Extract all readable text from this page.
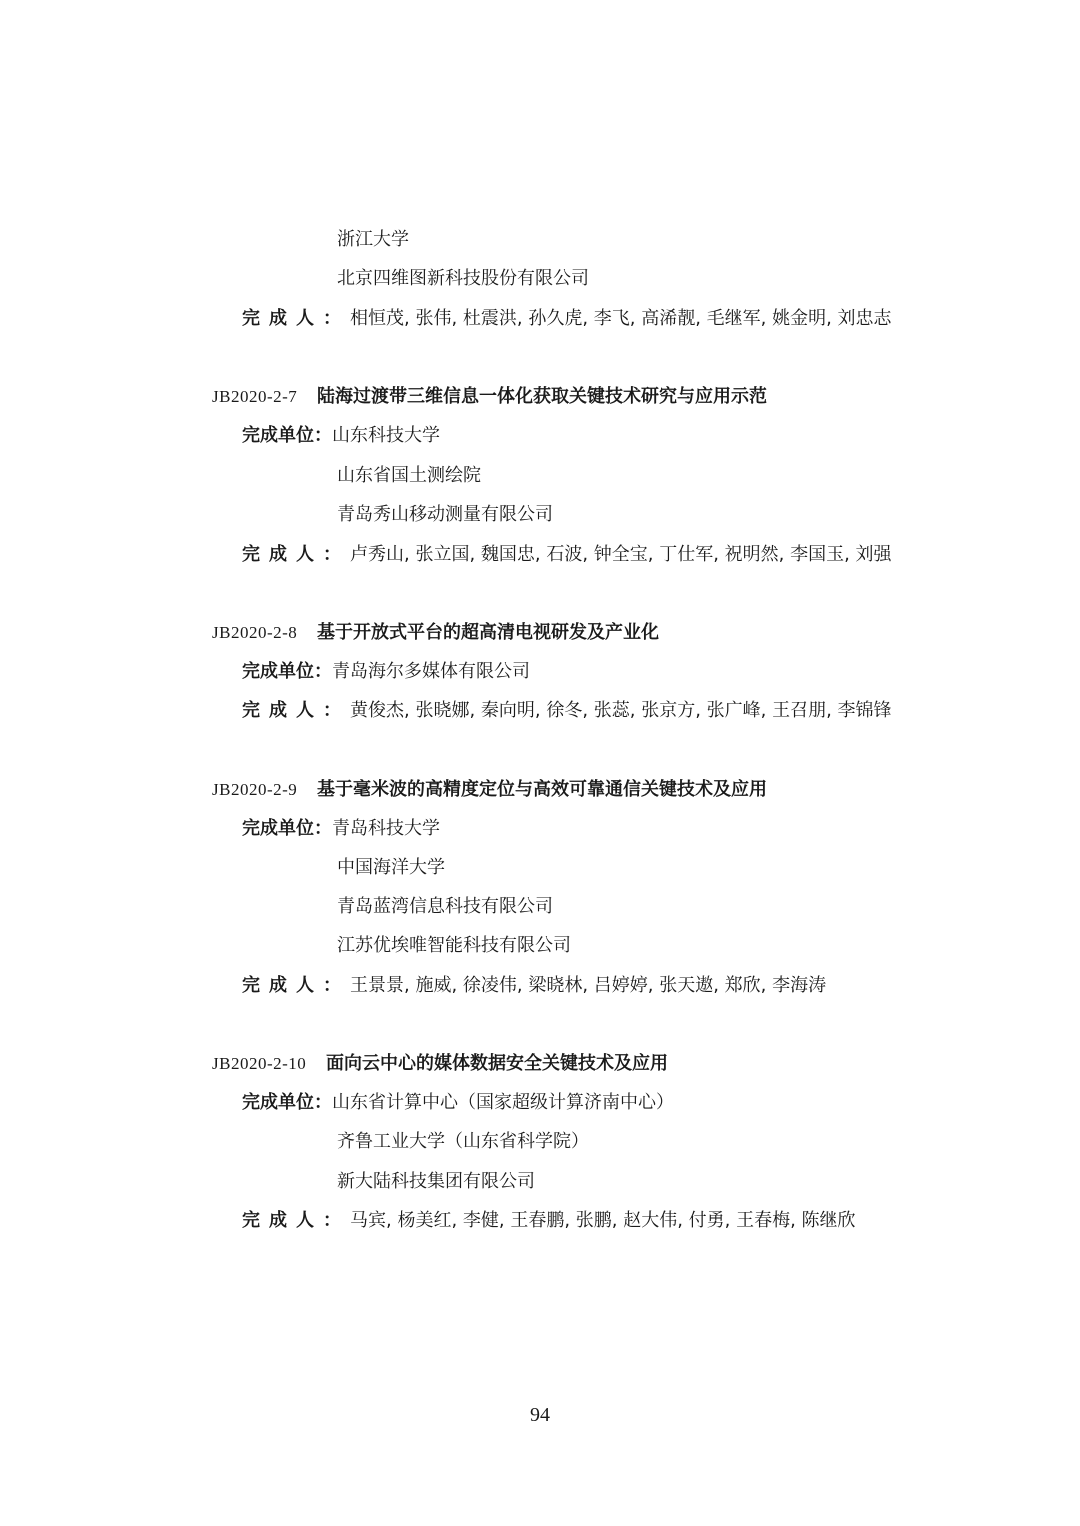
浙江大学
北京四维图新科技股份有限公司
完成人：相恒茂, 张伟, 杜震洪, 孙久虎, 李飞, 高浠靓, 毛继军, 姚金明, 刘忠志
JB2020-2-7 陆海过渡带三维信息一体化获取关键技术研究与应用示范
完成单位：山东科技大学
山东省国土测绘院
青岛秀山移动测量有限公司
完成人：卢秀山, 张立国, 魏国忠, 石波, 钟全宝, 丁仕军, 祝明然, 李国玉, 刘强
JB2020-2-8 基于开放式平台的超高清电视研发及产业化
完成单位：青岛海尔多媒体有限公司
完成人：黄俊杰, 张晓娜, 秦向明, 徐冬, 张蕊, 张京方, 张广峰, 王召朋, 李锦锋
JB2020-2-9 基于毫米波的高精度定位与高效可靠通信关键技术及应用
完成单位：青岛科技大学
中国海洋大学
青岛蓝湾信息科技有限公司
江苏优埃唯智能科技有限公司
完成人：王景景, 施威, 徐凌伟, 梁晓林, 吕婷婷, 张天遨, 郑欣, 李海涛
JB2020-2-10 面向云中心的媒体数据安全关键技术及应用
完成单位：山东省计算中心（国家超级计算济南中心）
齐鲁工业大学（山东省科学院）
新大陆科技集团有限公司
完成人：马宾, 杨美红, 李健, 王春鹏, 张鹏, 赵大伟, 付勇, 王春梅, 陈继欣
94
